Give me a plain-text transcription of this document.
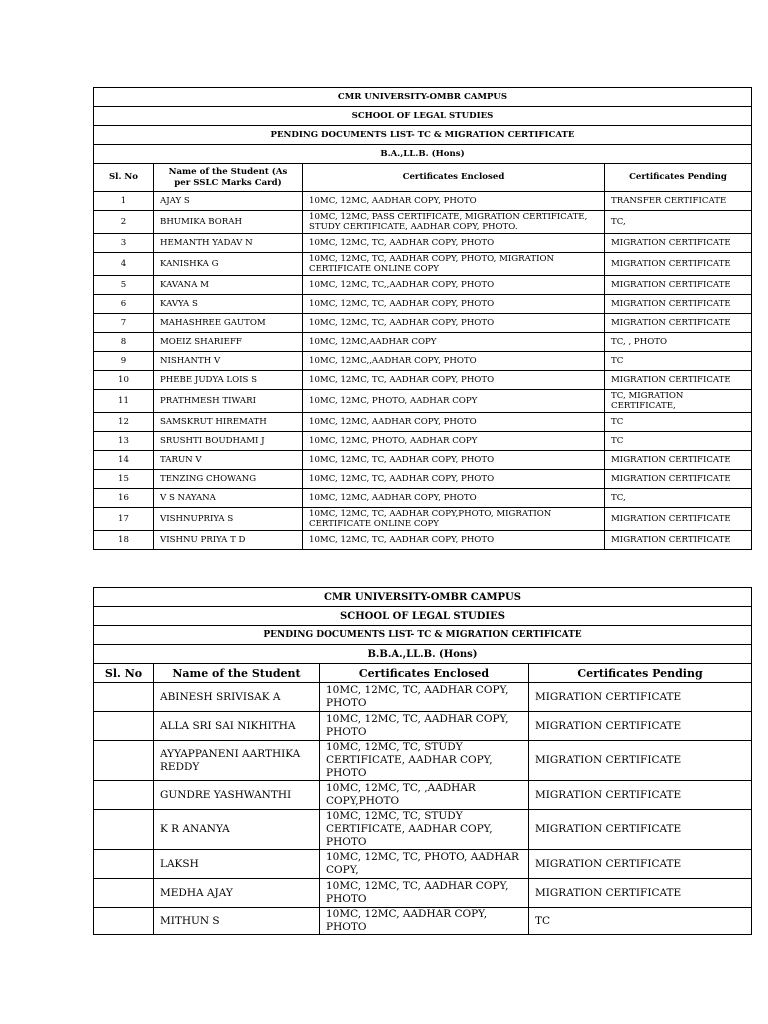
CMR UNIVERSITY-OMBR CAMPUS			
SCHOOL OF LEGAL STUDIES			
PENDING DOCUMENTS LIST- TC & MIGRATION CERTIFICATE			
B.A.,LL.B. (Hons)			
Sl. No	Name of the Student (As per SSLC Marks Card)	Certificates Enclosed	Certificates Pending
1	AJAY S	10MC, 12MC, AADHAR COPY, PHOTO	TRANSFER CERTIFICATE
2	BHUMIKA BORAH	10MC, 12MC, PASS CERTIFICATE, MIGRATION CERTIFICATE, STUDY CERTIFICATE, AADHAR COPY, PHOTO.	TC,
3	HEMANTH YADAV N	10MC, 12MC, TC, AADHAR COPY, PHOTO	MIGRATION CERTIFICATE
4	KANISHKA G	10MC, 12MC, TC, AADHAR COPY, PHOTO, MIGRATION CERTIFICATE ONLINE COPY	MIGRATION CERTIFICATE
5	KAVANA M	10MC, 12MC, TC,,AADHAR COPY, PHOTO	MIGRATION CERTIFICATE
6	KAVYA S	10MC, 12MC, TC, AADHAR COPY, PHOTO	MIGRATION CERTIFICATE
7	MAHASHREE GAUTOM	10MC, 12MC, TC, AADHAR COPY, PHOTO	MIGRATION CERTIFICATE
8	MOEIZ SHARIEFF	10MC, 12MC,AADHAR COPY	TC, , PHOTO
9	NISHANTH V	10MC, 12MC,,AADHAR COPY, PHOTO	TC
10	PHEBE JUDYA LOIS S	10MC, 12MC, TC, AADHAR COPY, PHOTO	MIGRATION CERTIFICATE
11	PRATHMESH TIWARI	10MC, 12MC, PHOTO, AADHAR COPY	TC, MIGRATION CERTIFICATE,
12	SAMSKRUT HIREMATH	10MC, 12MC, AADHAR COPY, PHOTO	TC
13	SRUSHTI BOUDHAMI J	10MC, 12MC, PHOTO, AADHAR COPY	TC
14	TARUN V	10MC, 12MC, TC, AADHAR COPY, PHOTO	MIGRATION CERTIFICATE
15	TENZING CHOWANG	10MC, 12MC, TC, AADHAR COPY, PHOTO	MIGRATION CERTIFICATE
16	V S NAYANA	10MC, 12MC, AADHAR COPY, PHOTO	TC,
17	VISHNUPRIYA S	10MC, 12MC, TC, AADHAR COPY,PHOTO, MIGRATION CERTIFICATE ONLINE COPY	MIGRATION CERTIFICATE
18	VISHNU PRIYA T D	10MC, 12MC, TC, AADHAR COPY, PHOTO	MIGRATION CERTIFICATE
CMR UNIVERSITY-OMBR CAMPUS			
SCHOOL OF LEGAL STUDIES			
PENDING DOCUMENTS LIST- TC & MIGRATION CERTIFICATE			
B.B.A.,LL.B. (Hons)			
Sl. No	Name of the Student	Certificates Enclosed	Certificates Pending
	ABINESH SRIVISAK A	10MC, 12MC, TC, AADHAR COPY, PHOTO	MIGRATION CERTIFICATE
	ALLA SRI SAI NIKHITHA	10MC, 12MC, TC, AADHAR COPY, PHOTO	MIGRATION CERTIFICATE
	AYYAPPANENI AARTHIKA REDDY	10MC, 12MC, TC, STUDY CERTIFICATE, AADHAR COPY, PHOTO	MIGRATION CERTIFICATE
	GUNDRE YASHWANTHI	10MC, 12MC, TC, ,AADHAR COPY,PHOTO	MIGRATION CERTIFICATE
	K R ANANYA	10MC, 12MC, TC, STUDY CERTIFICATE, AADHAR COPY, PHOTO	MIGRATION CERTIFICATE
	LAKSH	10MC, 12MC, TC, PHOTO, AADHAR COPY,	MIGRATION CERTIFICATE
	MEDHA AJAY	10MC, 12MC, TC, AADHAR COPY, PHOTO	MIGRATION CERTIFICATE
	MITHUN S	10MC, 12MC, AADHAR COPY, PHOTO	TC
